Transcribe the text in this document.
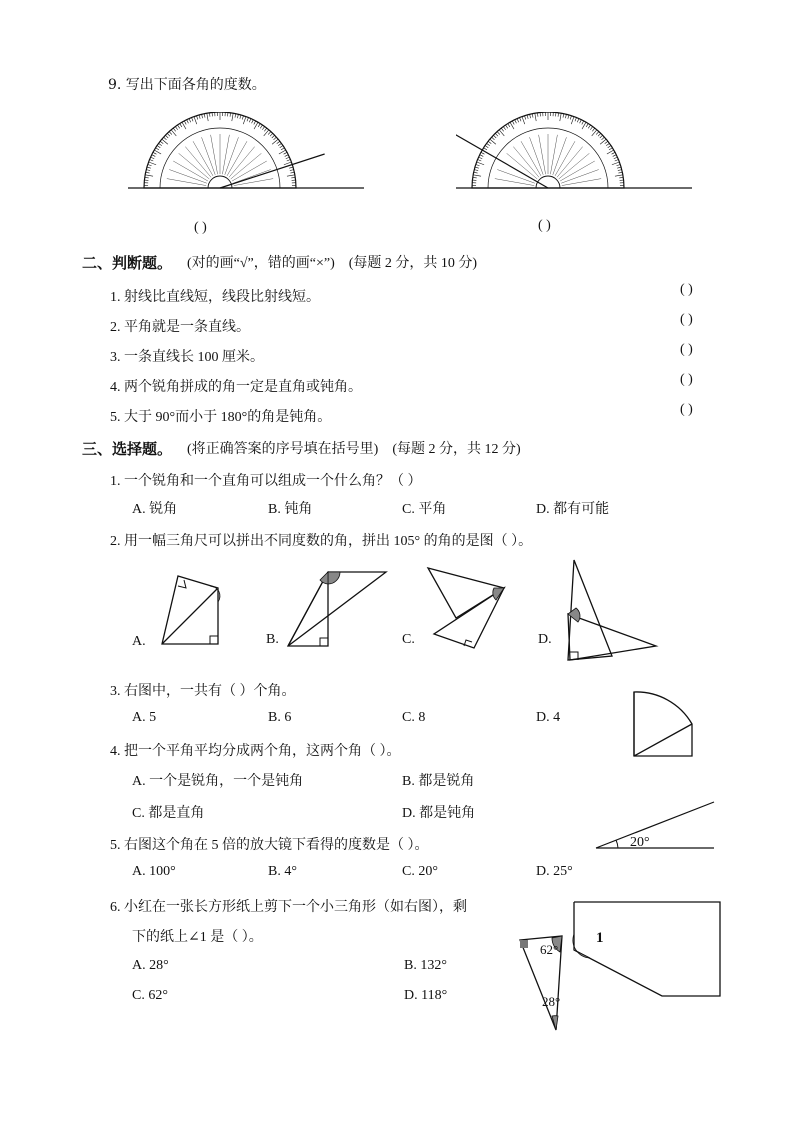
9. 写出下面各角的度数。
( )	( )
二、判断题。 (对的画“√”，错的画“×”)　(每题 2 分，共 10 分)
1. 射线比直线短，线段比射线短。
( )
2. 平角就是一条直线。
( )
3. 一条直线长 100 厘米。
( )
4. 两个锐角拼成的角一定是直角或钝角。
( )
5. 大于 90°而小于 180°的角是钝角。
( )
三、选择题。 (将正确答案的序号填在括号里)　(每题 2 分，共 12 分)
1. 一个锐角和一个直角可以组成一个什么角？（ ）
A. 锐角	B. 钝角	C. 平角	D. 都有可能
2. 用一幅三角尺可以拼出不同度数的角，拼出 105° 的角的是图（ ）。
A.	B.	C.	D.
3. 右图中，一共有（ ）个角。
A. 5	B. 6	C. 8	D. 4
4. 把一个平角平均分成两个角，这两个角（ ）。
A. 一个是锐角，一个是钝角	B. 都是锐角
C. 都是直角	D. 都是钝角
5. 右图这个角在 5 倍的放大镜下看得的度数是（ ）。
A. 100°	B. 4°	C. 20°	D. 25°
20°
6. 小红在一张长方形纸上剪下一个小三角形（如右图），剩
下的纸上∠1 是（ ）。
A. 28°	B. 132°
C. 62°	D. 118°
62°
28°
1
